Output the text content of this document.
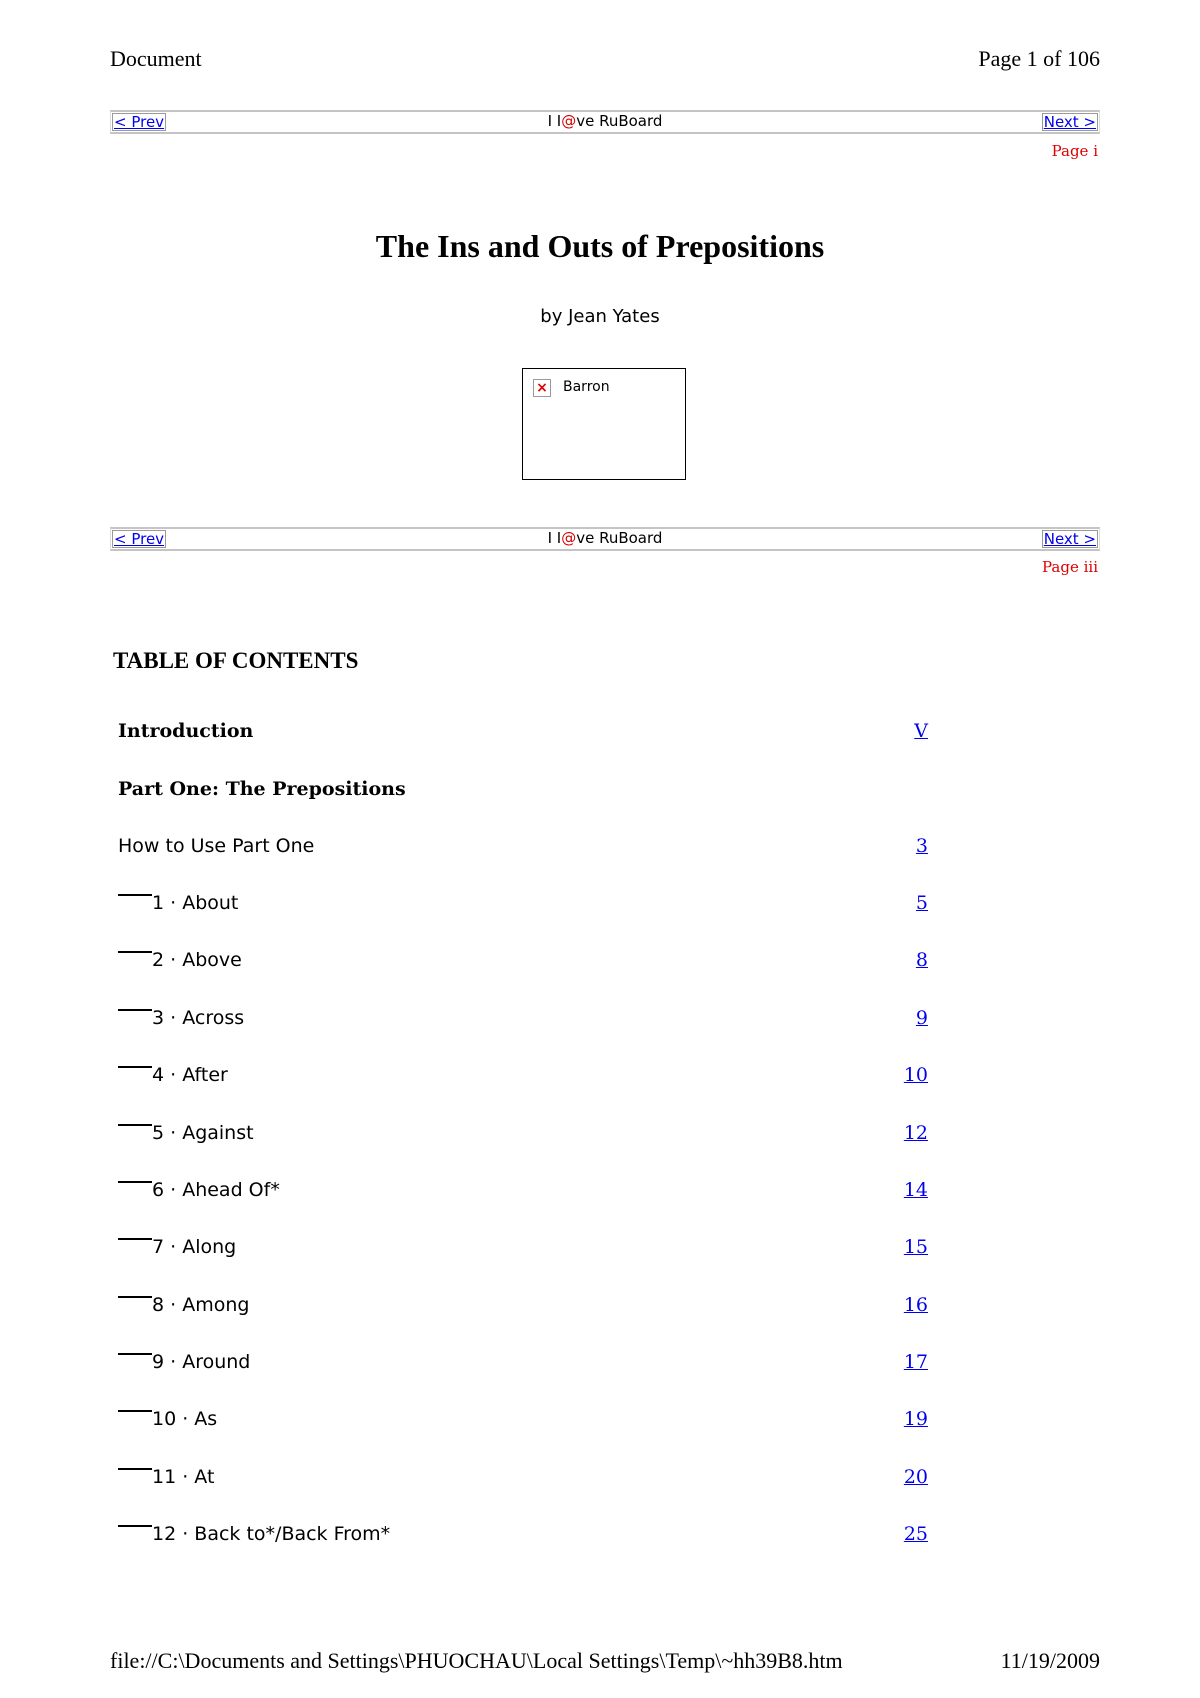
Document	Page 1 of 106
I I@ve RuBoard
< Prev	Next >
Page i
The Ins and Outs of Prepositions
by Jean Yates
× Barron
I I@ve RuBoard
< Prev	Next >
Page iii
TABLE OF CONTENTS
Introduction	V
Part One: The Prepositions
How to Use Part One	3
1 · About	5
2 · Above	8
3 · Across	9
4 · After	10
5 · Against	12
6 · Ahead Of*	14
7 · Along	15
8 · Among	16
9 · Around	17
10 · As	19
11 · At	20
12 · Back to*/Back From*	25
file://C:\Documents and Settings\PHUOCHAU\Local Settings\Temp\~hh39B8.htm	11/19/2009
